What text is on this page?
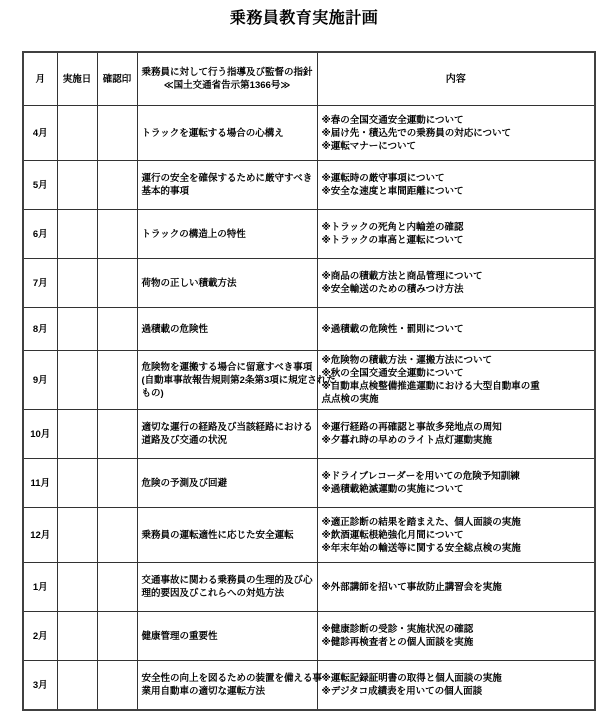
乗務員教育実施計画
月	実施日	確認印	乗務員に対して行う指導及び監督の指針
≪国土交通省告示第1366号≫	内容
4月			トラックを運転する場合の心構え	※春の全国交通安全運動について
※届け先・積込先での乗務員の対応について
※運転マナーについて

5月			運行の安全を確保するために厳守すべき
基本的事項	※運転時の厳守事項について
※安全な速度と車間距離について

6月			トラックの構造上の特性	※トラックの死角と内輪差の確認
※トラックの車高と運転について

7月			荷物の正しい積載方法	※商品の積載方法と商品管理について
※安全輸送のための積みつけ方法

8月			過積載の危険性	※過積載の危険性・罰則について

9月			危険物を運搬する場合に留意すべき事項
(自動車事故報告規則第2条第3項に規定された
もの)	※危険物の積載方法・運搬方法について
※秋の全国交通安全運動について
※自動車点検整備推進運動における大型自動車の重
点点検の実施

10月			適切な運行の経路及び当該経路における
道路及び交通の状況	※運行経路の再確認と事故多発地点の周知
※夕暮れ時の早めのライト点灯運動実施

11月			危険の予測及び回避	※ドライブレコーダーを用いての危険予知訓練
※過積載絶滅運動の実施について

12月			乗務員の運転適性に応じた安全運転	※適正診断の結果を踏まえた、個人面談の実施
※飲酒運転根絶強化月間について
※年末年始の輸送等に関する安全総点検の実施

1月			交通事故に関わる乗務員の生理的及び心
理的要因及びこれらへの対処方法	※外部講師を招いて事故防止講習会を実施

2月			健康管理の重要性	※健康診断の受診・実施状況の確認
※健診再検査者との個人面談を実施

3月			安全性の向上を図るための装置を備える事
業用自動車の適切な運転方法	※運転記録証明書の取得と個人面談の実施
※デジタコ成績表を用いての個人面談
